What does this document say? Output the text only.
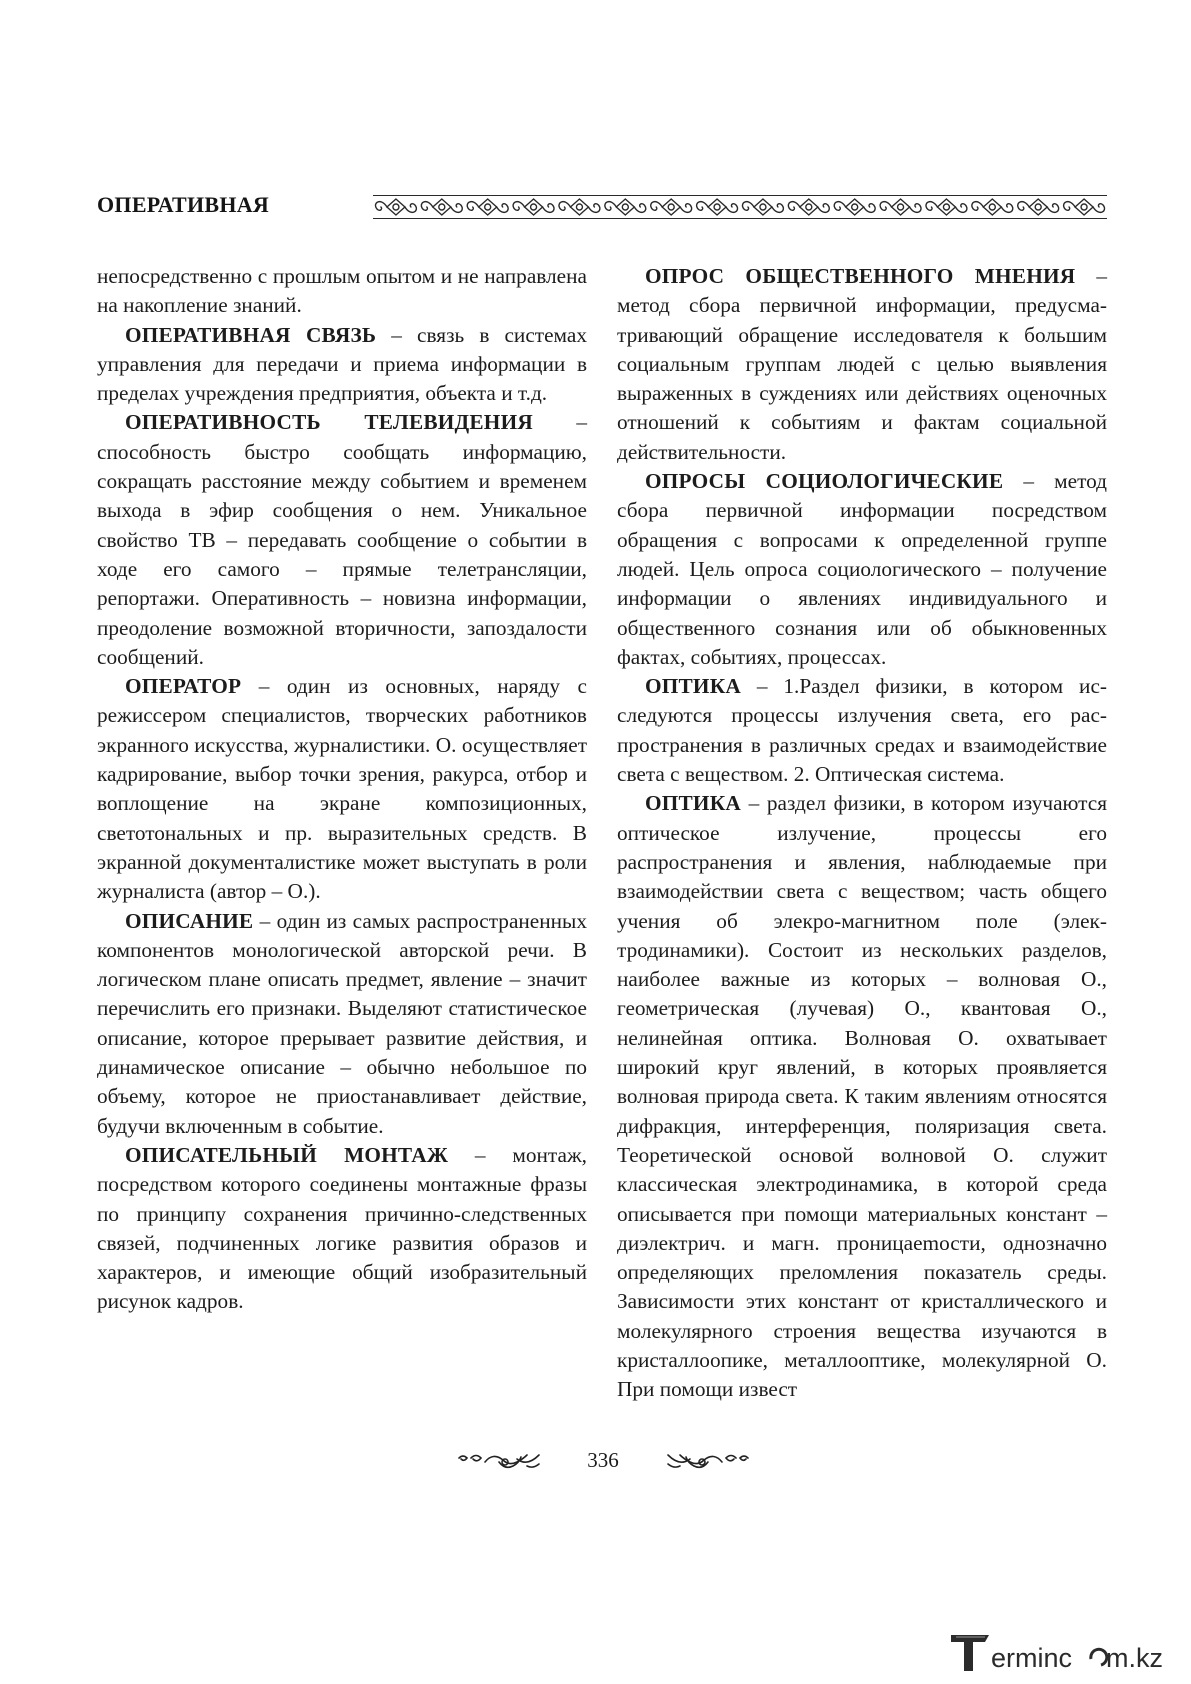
ОПЕРАТИВНАЯ

непосредственно с прошлым опытом и не направлена на накопление знаний.

ОПЕРАТИВНАЯ СВЯЗЬ – связь в системах управления для передачи и приема информации в пределах учреждения предприятия, объекта и т.д.

ОПЕРАТИВНОСТЬ ТЕЛЕВИДЕНИЯ – способность быстро сообщать информацию, сокращать расстояние между событием и временем выхода в эфир сообщения о нем. Уникальное свойство ТВ – передавать сообщение о событии в ходе его самого – прямые телетрансляции, репортажи. Оперативность – новизна информации, преодоление возможной вторичности, запоздалости сообщений.

ОПЕРАТОР – один из основных, наряду с режиссером специалистов, творческих работников экранного искусства, журналистики. О. осуществляет кадрирование, выбор точки зрения, ракурса, отбор и воплощение на экране композиционных, светотональных и пр. выразительных средств. В экранной документалистике может выступать в роли журналиста (автор – О.).

ОПИСАНИЕ – один из самых распространенных компонентов монологической авторской речи. В логическом плане описать предмет, явление – значит перечислить его признаки. Выделяют статистическое описание, которое прерывает развитие действия, и динамическое описание – обычно небольшое по объему, которое не приостанавливает действие, будучи включенным в событие.

ОПИСАТЕЛЬНЫЙ МОНТАЖ – монтаж, посредством которого соединены монтажные фразы по принципу сохранения причинно-следственных связей, подчиненных логике развития образов и характеров, и имеющие общий изобразительный рисунок кадров.

ОПРОС ОБЩЕСТВЕННОГО МНЕНИЯ – метод сбора первичной информации, предусматривающий обращение исследователя к большим социальным группам людей с целью выявления выраженных в суждениях или действиях оценочных отношений к событиям и фактам социальной действительности.

ОПРОСЫ СОЦИОЛОГИЧЕСКИЕ – метод сбора первичной информации посредством обращения с вопросами к определенной группе людей. Цель опроса социологического – получение информации о явлениях индивидуального и общественного сознания или об обыкновенных фактах, событиях, процессах.

ОПТИКА – 1.Раздел физики, в котором исследуются процессы излучения света, его распространения в различных средах и взаимодействие света с веществом. 2. Оптическая система.

ОПТИКА – раздел физики, в котором изучаются оптическое излучение, процессы его распространения и явления, наблюдаемые при взаимодействии света с веществом; часть общего учения об элекро-магнитном поле (электродинамики). Состоит из нескольких разделов, наиболее важные из которых – волновая О., геометрическая (лучевая) О., квантовая О., нелинейная оптика. Волновая О. охватывает широкий круг явлений, в которых проявляется волновая природа света. К таким явлениям относятся дифракция, интерференция, поляризация света. Теоретической основой волновой О. служит классическая электродинамика, в которой среда описывается при помощи материальных констант – диэлектрич. и магн. проницаеmости, однозначно определяющих преломления показатель среды. Зависимости этих констант от кристаллического и молекулярного строения вещества изучаются в кристаллоопике, металлооптике, молекулярной О. При помощи извест

336
erminc m.kz
